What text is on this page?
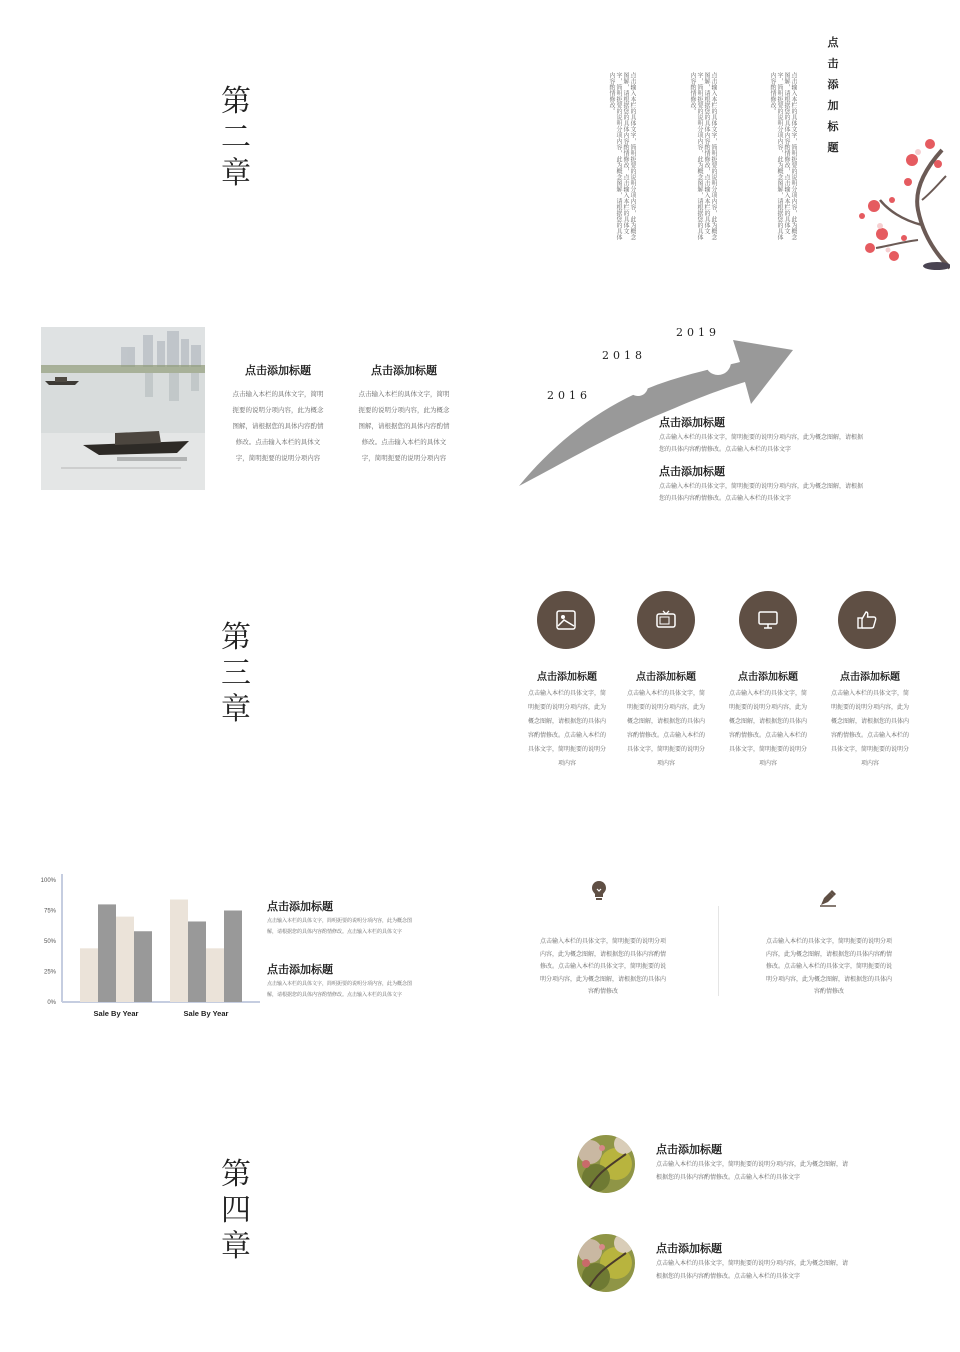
第
二
章	点击输入本栏的具体文字，简明扼要的说明分项内容，此为概念图解，请根据您的具体内容酌情修改，点击输入本栏的具体文字，简明扼要的说明分项内容，此为概念图解，请根据您的具体内容酌情修改。	点击输入本栏的具体文字，简明扼要的说明分项内容，此为概念图解，请根据您的具体内容酌情修改，点击输入本栏的具体文字，简明扼要的说明分项内容，此为概念图解，请根据您的具体内容酌情修改。	点击输入本栏的具体文字，简明扼要的说明分项内容，此为概念图解，请根据您的具体内容酌情修改，点击输入本栏的具体文字，简明扼要的说明分项内容，此为概念图解，请根据您的具体内容酌情修改。
点
击
添
加
标
题
点击添加标题
点击输入本栏的具体文字，简明
扼要的说明分项内容，此为概念
图解，请根据您的具体内容酌情
修改。点击输入本栏的具体文
字，简明扼要的说明分项内容
点击添加标题
点击输入本栏的具体文字，简明
扼要的说明分项内容，此为概念
图解，请根据您的具体内容酌情
修改。点击输入本栏的具体文
字，简明扼要的说明分项内容
2016
2018
2019
点击添加标题
点击输入本栏的具体文字，简明扼要的说明分项内容，此为概念图解，请根据
您的具体内容酌情修改。点击输入本栏的具体文字
点击添加标题
点击输入本栏的具体文字，简明扼要的说明分项内容，此为概念图解，请根据
您的具体内容酌情修改。点击输入本栏的具体文字
第
三
章
点击添加标题
点击输入本栏的具体文字，简
明扼要的说明分项内容，此为
概念图解，请根据您的具体内
容酌情修改。点击输入本栏的
具体文字，简明扼要的说明分
项内容
点击添加标题
点击输入本栏的具体文字，简
明扼要的说明分项内容，此为
概念图解，请根据您的具体内
容酌情修改。点击输入本栏的
具体文字，简明扼要的说明分
项内容
点击添加标题
点击输入本栏的具体文字，简
明扼要的说明分项内容，此为
概念图解，请根据您的具体内
容酌情修改。点击输入本栏的
具体文字，简明扼要的说明分
项内容
点击添加标题
点击输入本栏的具体文字，简
明扼要的说明分项内容，此为
概念图解，请根据您的具体内
容酌情修改。点击输入本栏的
具体文字，简明扼要的说明分
项内容
0%
25%
50%
75%
100%
Sale By Year	Sale By Year
点击添加标题
点击输入本栏的具体文字，简明扼要的说明分项内容，此为概念图
解，请根据您的具体内容酌情修改。点击输入本栏的具体文字
点击添加标题
点击输入本栏的具体文字，简明扼要的说明分项内容，此为概念图
解，请根据您的具体内容酌情修改。点击输入本栏的具体文字
点击输入本栏的具体文字，简明扼要的说明分项
内容，此为概念图解，请根据您的具体内容酌情
修改。点击输入本栏的具体文字，简明扼要的说
明分项内容，此为概念图解，请根据您的具体内
容酌情修改
点击输入本栏的具体文字，简明扼要的说明分项
内容，此为概念图解，请根据您的具体内容酌情
修改。点击输入本栏的具体文字，简明扼要的说
明分项内容，此为概念图解，请根据您的具体内
容酌情修改
第
四
章
点击添加标题
点击输入本栏的具体文字，简明扼要的说明分项内容，此为概念图解，请
根据您的具体内容酌情修改。点击输入本栏的具体文字
点击添加标题
点击输入本栏的具体文字，简明扼要的说明分项内容，此为概念图解，请
根据您的具体内容酌情修改。点击输入本栏的具体文字
